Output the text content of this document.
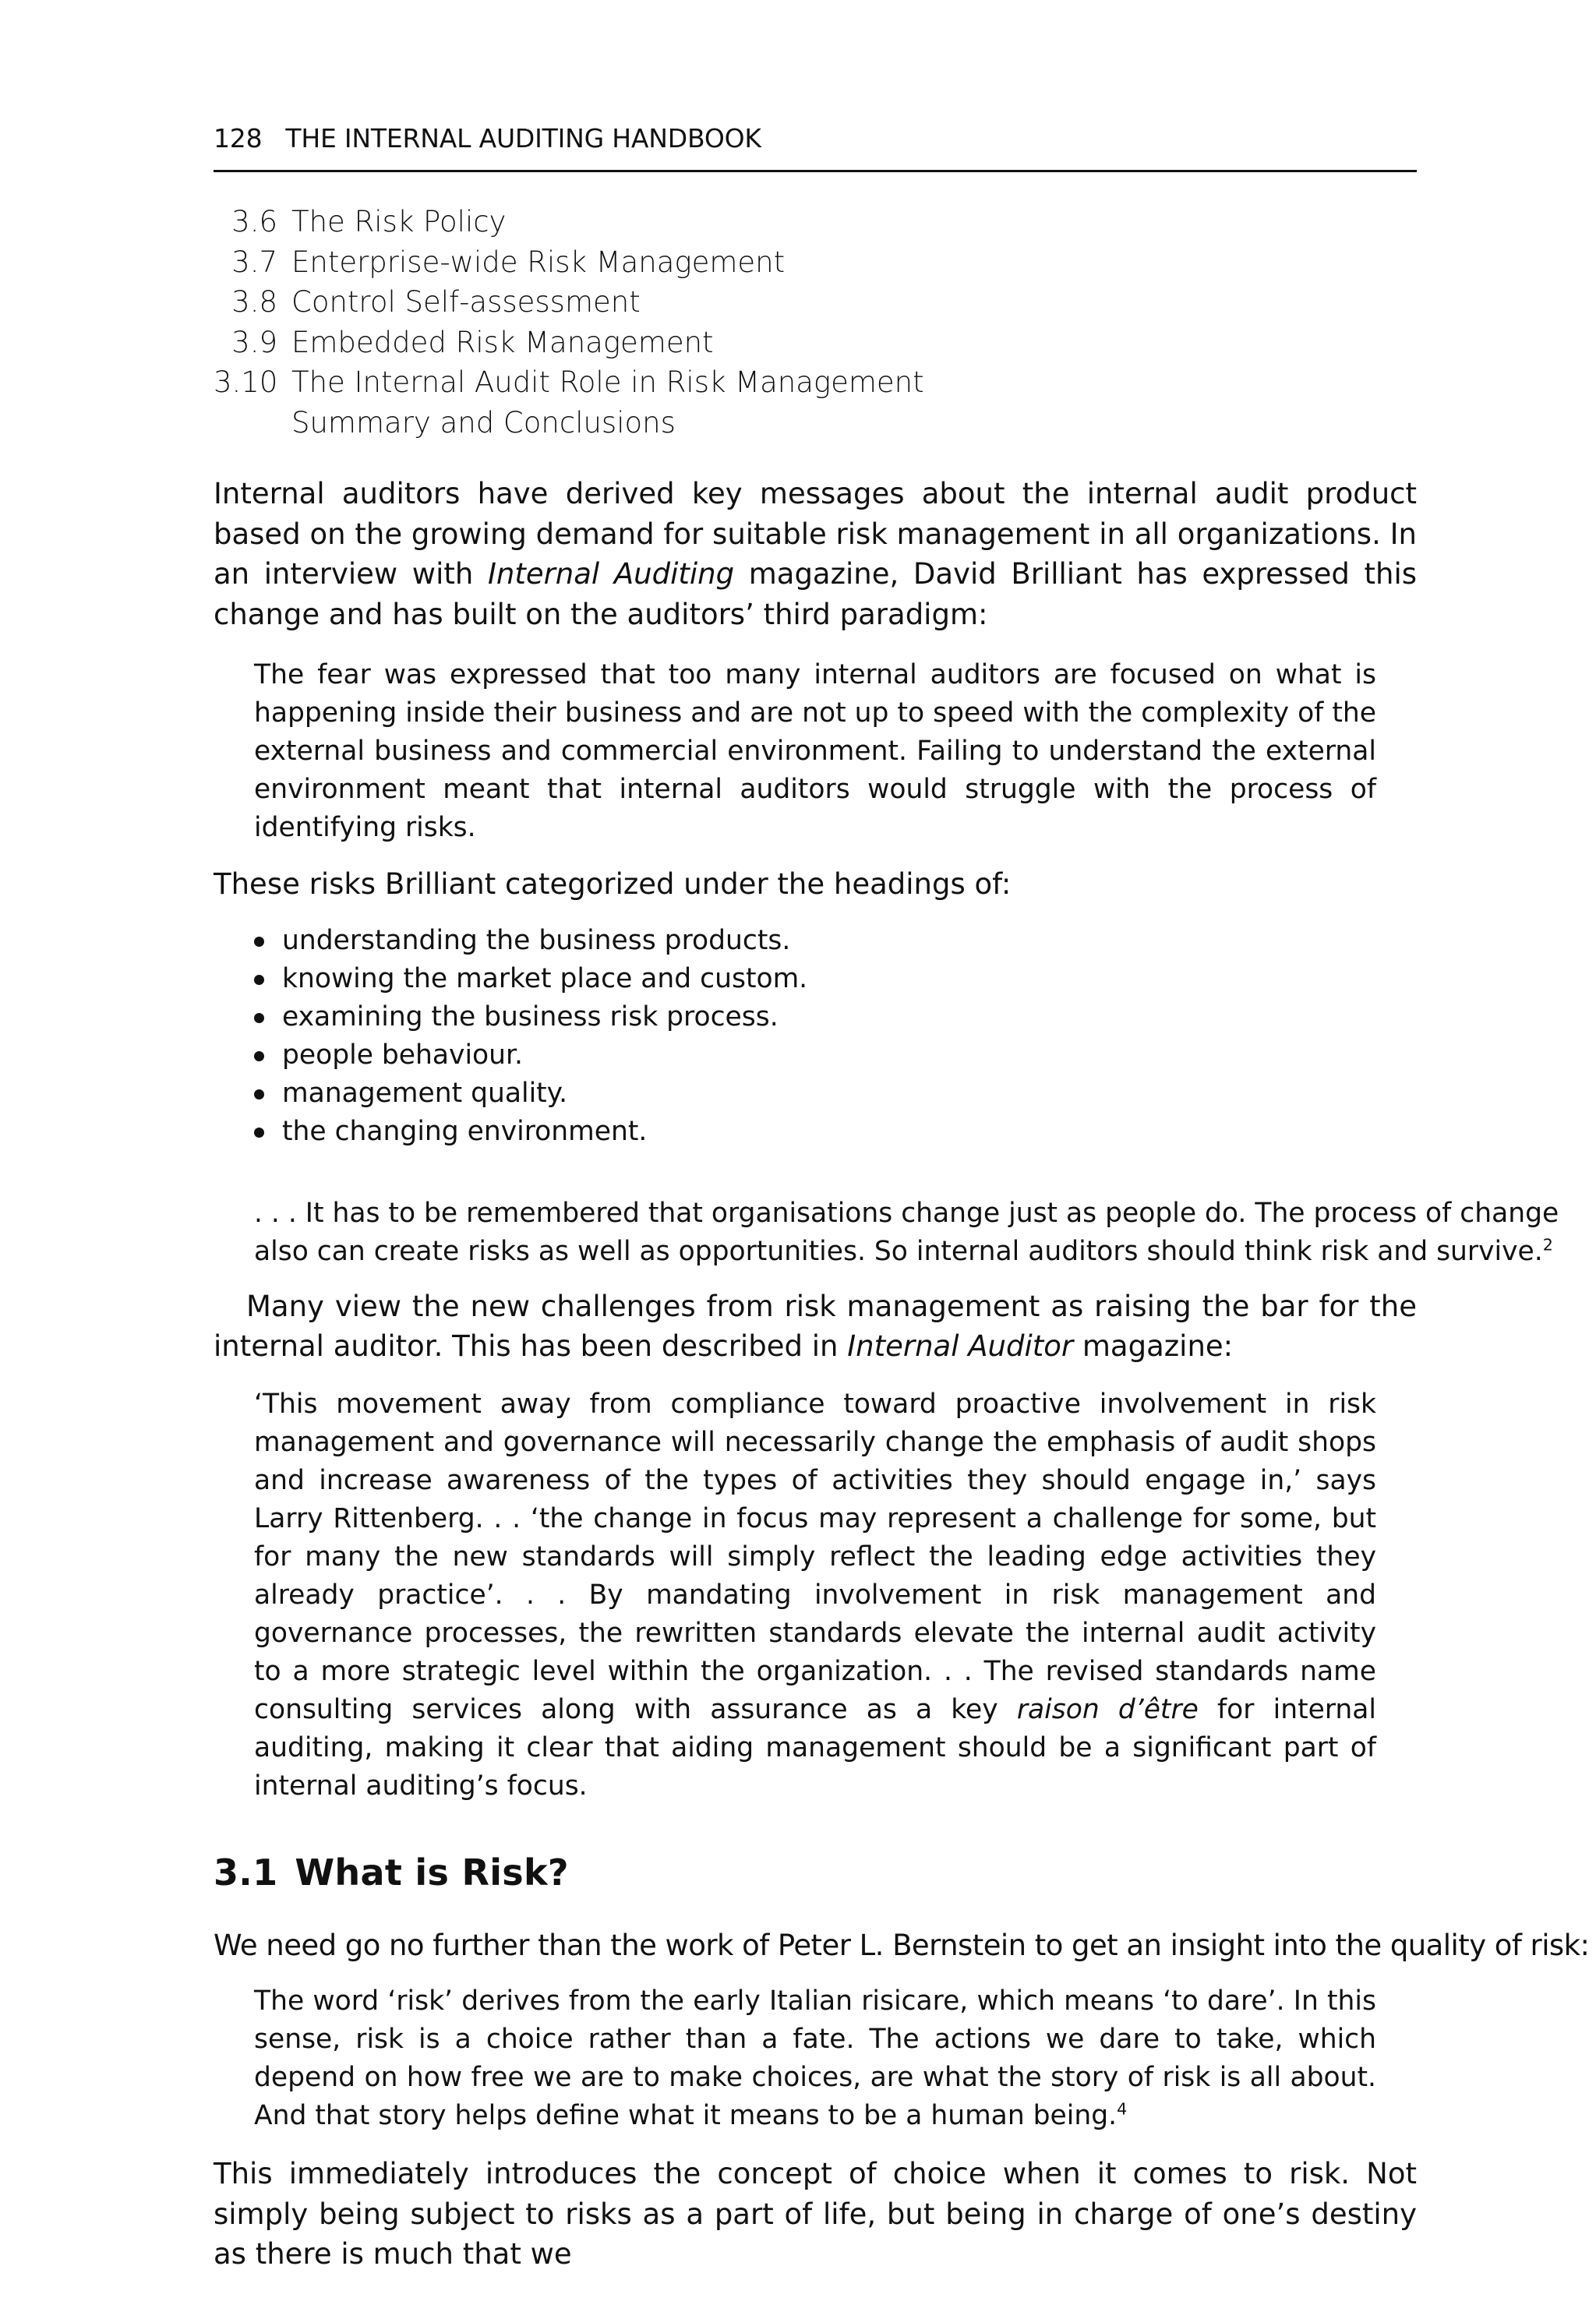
128 THE INTERNAL AUDITING HANDBOOK
3.6 The Risk Policy
3.7 Enterprise-wide Risk Management
3.8 Control Self-assessment
3.9 Embedded Risk Management
3.10 The Internal Audit Role in Risk Management
Summary and Conclusions

Internal auditors have derived key messages about the internal audit product based on the growing demand for suitable risk management in all organizations. In an interview with Internal Auditing magazine, David Brilliant has expressed this change and has built on the auditors’ third paradigm:

The fear was expressed that too many internal auditors are focused on what is happening inside their business and are not up to speed with the complexity of the external business and commercial environment. Failing to understand the external environment meant that internal auditors would struggle with the process of identifying risks.

These risks Brilliant categorized under the headings of:

understanding the business products.
knowing the market place and custom.
examining the business risk process.
people behaviour.
management quality.
the changing environment.
. . . It has to be remembered that organisations change just as people do. The process of change
also can create risks as well as opportunities. So internal auditors should think risk and survive.$^2$

Many view the new challenges from risk management as raising the bar for the internal auditor. This has been described in Internal Auditor magazine:

‘This movement away from compliance toward proactive involvement in risk management and governance will necessarily change the emphasis of audit shops and increase awareness of the types of activities they should engage in,’ says Larry Rittenberg. . . ‘the change in focus may represent a challenge for some, but for many the new standards will simply reflect the leading edge activities they already practice’. . . By mandating involvement in risk management and governance processes, the rewritten standards elevate the internal audit activity to a more strategic level within the organization. . . The revised standards name consulting services along with assurance as a key raison d’être for internal auditing, making it clear that aiding management should be a significant part of internal auditing’s focus.
3.1 What is Risk?

We need go no further than the work of Peter L. Bernstein to get an insight into the quality of risk:

The word ‘risk’ derives from the early Italian risicare, which means ‘to dare’. In this sense, risk is a choice rather than a fate. The actions we dare to take, which depend on how free we are to make choices, are what the story of risk is all about. And that story helps define what it means to be a human being.$^4$

This immediately introduces the concept of choice when it comes to risk. Not simply being subject to risks as a part of life, but being in charge of one’s destiny as there is much that we
